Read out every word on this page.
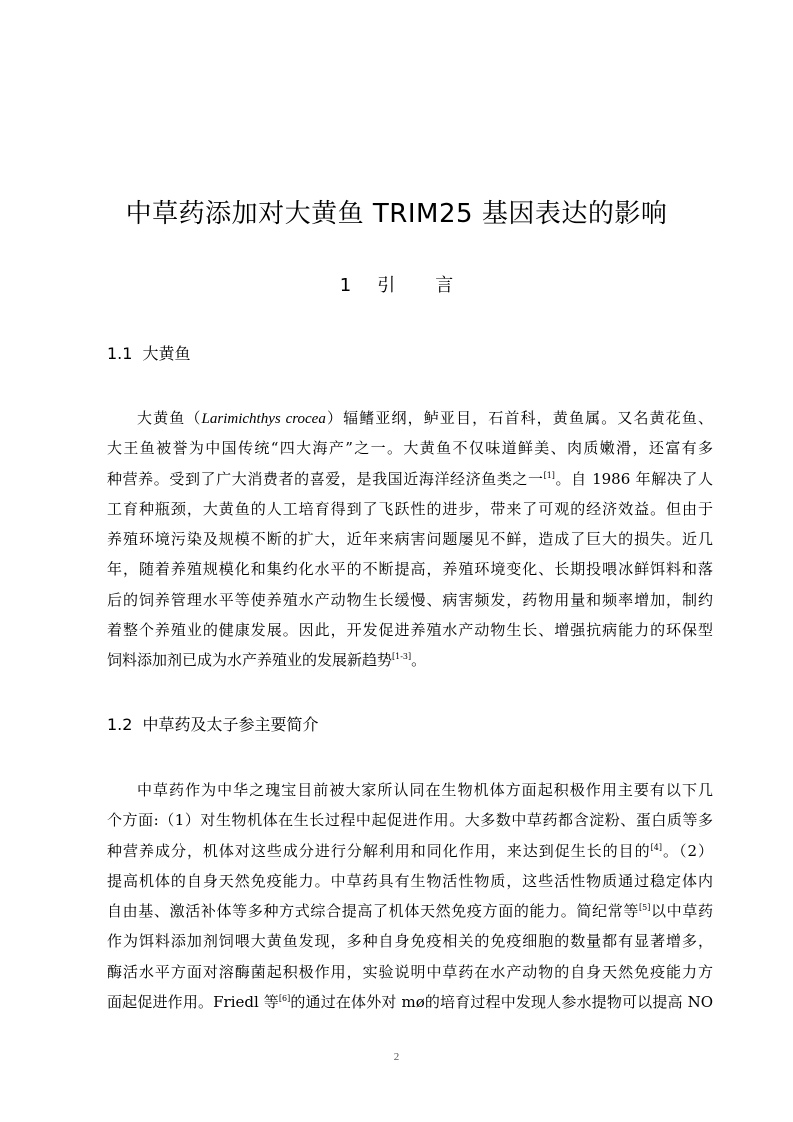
中草药添加对大黄鱼 TRIM25 基因表达的影响
1 引 言
1.1 大黄鱼
大黄鱼（Larimichthys crocea）辐鳍亚纲，鲈亚目，石首科，黄鱼属。又名黄花鱼、
大王鱼被誉为中国传统“四大海产”之一。大黄鱼不仅味道鲜美、肉质嫩滑，还富有多
种营养。受到了广大消费者的喜爱，是我国近海洋经济鱼类之一[1]。自 1986 年解决了人
工育种瓶颈，大黄鱼的人工培育得到了飞跃性的进步，带来了可观的经济效益。但由于
养殖环境污染及规模不断的扩大，近年来病害问题屡见不鲜，造成了巨大的损失。近几
年，随着养殖规模化和集约化水平的不断提高，养殖环境变化、长期投喂冰鲜饵料和落
后的饲养管理水平等使养殖水产动物生长缓慢、病害频发，药物用量和频率增加，制约
着整个养殖业的健康发展。因此，开发促进养殖水产动物生长、增强抗病能力的环保型
饲料添加剂已成为水产养殖业的发展新趋势[1-3]。
1.2 中草药及太子参主要简介
中草药作为中华之瑰宝目前被大家所认同在生物机体方面起积极作用主要有以下几
个方面:（1）对生物机体在生长过程中起促进作用。大多数中草药都含淀粉、蛋白质等多
种营养成分，机体对这些成分进行分解利用和同化作用，来达到促生长的目的[4]。（2）
提高机体的自身天然免疫能力。中草药具有生物活性物质，这些活性物质通过稳定体内
自由基、激活补体等多种方式综合提高了机体天然免疫方面的能力。简纪常等[5]以中草药
作为饵料添加剂饲喂大黄鱼发现，多种自身免疫相关的免疫细胞的数量都有显著增多，
酶活水平方面对溶酶菌起积极作用，实验说明中草药在水产动物的自身天然免疫能力方
面起促进作用。Friedl 等[6]的通过在体外对 mø的培育过程中发现人参水提物可以提高 NO
2
